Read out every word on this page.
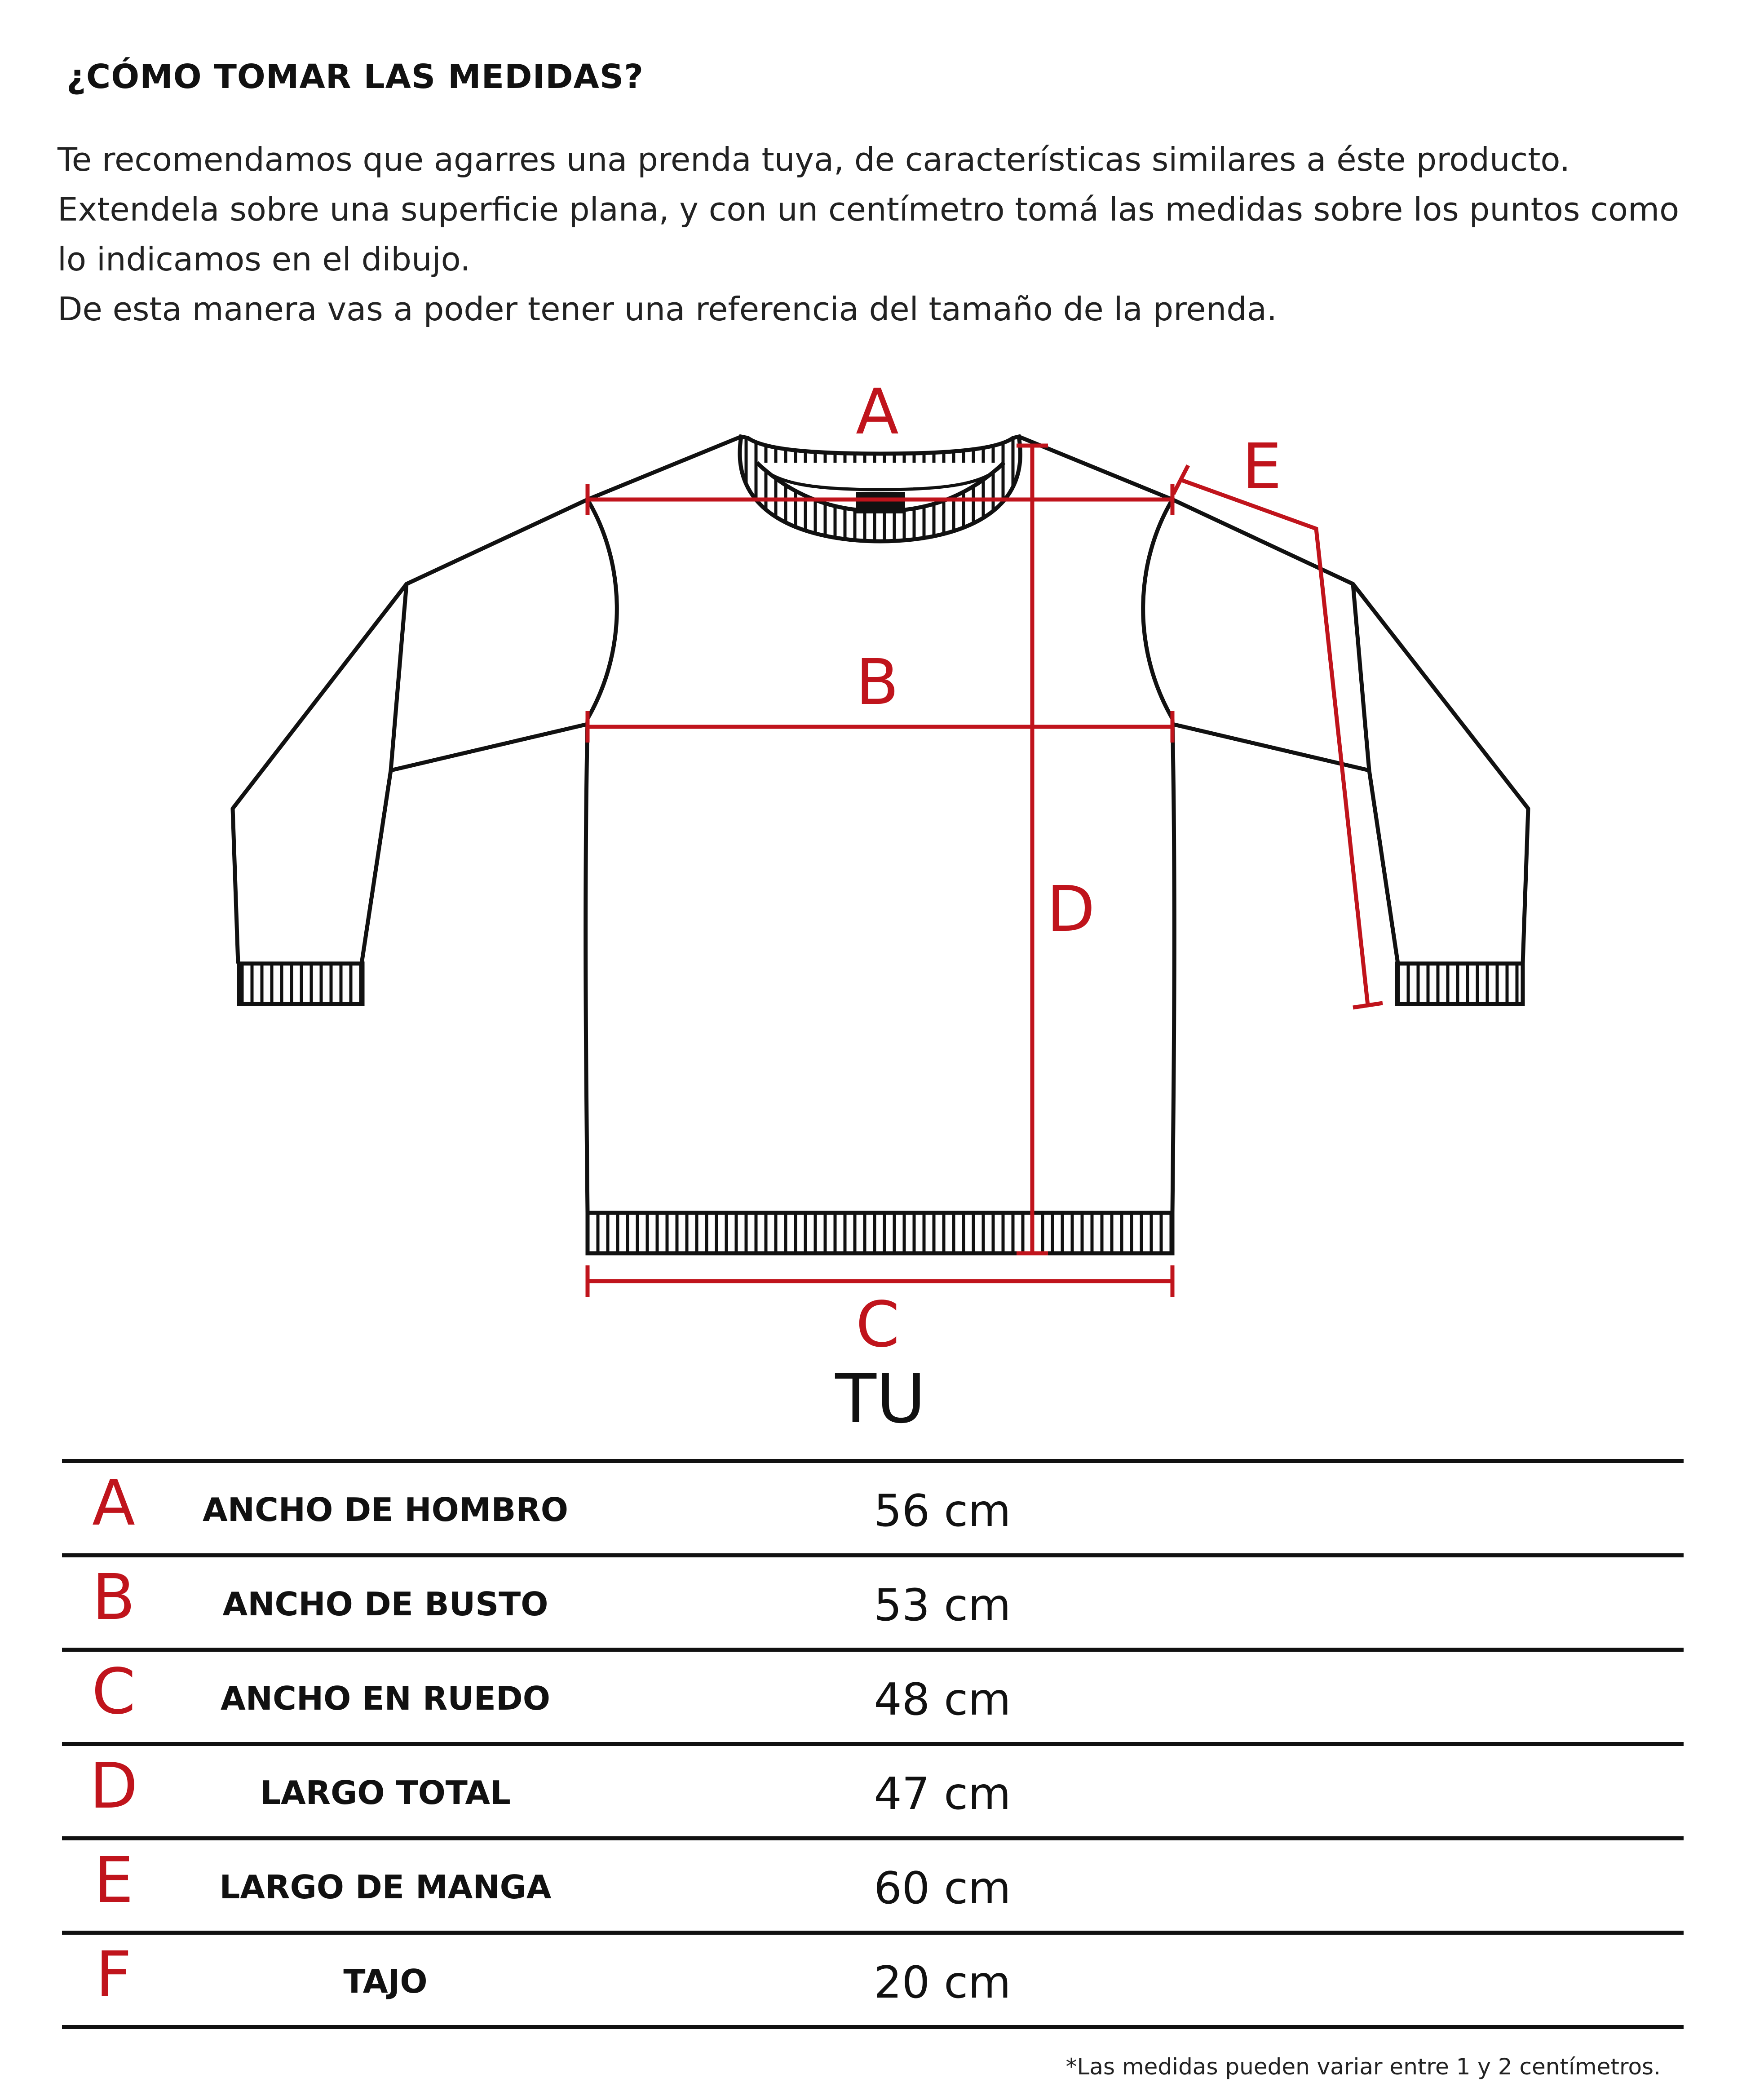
¿CÓMO TOMAR LAS MEDIDAS?

Te recomendamos que agarres una prenda tuya, de características similares a éste producto.

Extendela sobre una superficie plana, y con un centímetro tomá las medidas sobre los puntos como

lo indicamos en el dibujo.

De esta manera vas a poder tener una referencia del tamaño de la prenda.

A
B
C
D
E
TU
A	ANCHO DE HOMBRO	56 cm
B	ANCHO DE BUSTO	53 cm
C	ANCHO EN RUEDO	48 cm
D	LARGO TOTAL	47 cm
E	LARGO DE MANGA	60 cm
F	TAJO	20 cm
*Las medidas pueden variar entre 1 y 2 centímetros.
